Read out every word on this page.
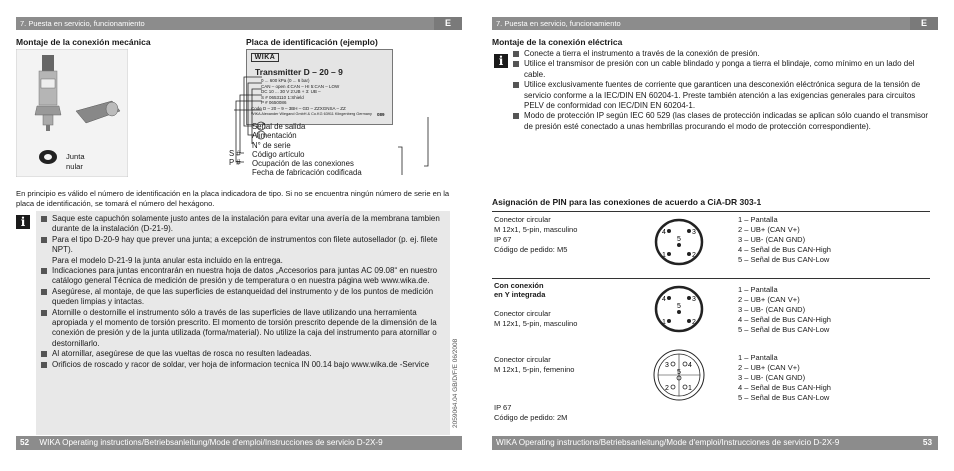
7. Puesta en servicio, funcionamiento	E
Montaje de la conexión mecánica	Placa de identificación (ejemplo)
Junta
nular
WIKA
Transmitter D – 20 – 9
0 ... 600 kPa (0 ... 6 bar)
CAN – open 4:CAN – HI 5:CAN – LOW
DC 10 ... 30 V 2:UB + 3: UB –
S # 0653110 1:Shield
P # 0650086
Code D – 20 – 9 – 3BH – GD – ZZXGNSA – ZZ
WIKA Alexander Wiegand GmbH & Co.KG 63911 Klingenberg Germany 089
Señal de salida
Alimentación
N° de serie
S # Código artículo
P # Ocupación de las conexiones
Fecha de fabricación codificada
En principio es válido el número de identificación en la placa indicadora de tipo. Si no se encuentra ningún número de serie en la placa de identificación, se tomará el número del hexágono.
i	Saque este capuchón solamente justo antes de la instalación para evitar una avería de la membrana tambien durante de la instalación (D-21-9).
Para el tipo D-20-9 hay que prever una junta; a excepción de instrumentos con filete autosellador (p. ej. filete NPT).
Para el modelo D-21-9 la junta anular esta incluido en la entrega.
Indicaciones para juntas encontrarán en nuestra hoja de datos „Accesorios para juntas AC 09.08“ en nuestro catálogo general Técnica de medición de presión y de temperatura o en nuestra página web www.wika.de.
Asegúrese, al montaje, de que las superficies de estanqueidad del instrumento y de los puntos de medición queden limpias y intactas.
Atornille o destornille el instrumento sólo a través de las superficies de llave utilizando una herramienta apropiada y el momento de torsión prescrito. El momento de torsión prescrito depende de la dimensión de la conexión de presión y de la junta utilizada (forma/material). No utilize la caja del instrumento para atornillar o destornillarlo.
Al atornillar, asegúrese de que las vueltas de rosca no resulten ladeadas.
Orificios de roscado y racor de soldar, ver hoja de informacion tecnica IN 00.14 bajo www.wika.de -Service	2059064.04 GB/D/F/E 06/2008
52 WIKA Operating instructions/Betriebsanleitung/Mode d'emploi/Instrucciones de servicio D-2X-9
7. Puesta en servicio, funcionamiento	E
Montaje de la conexión eléctrica
i
Conecte a tierra el instrumento a través de la conexión de presión.
Utilice el transmisor de presión con un cable blindado y ponga a tierra el blindaje, como mínimo en un lado del cable.
Utilice exclusivamente fuentes de corriente que garanticen una desconexión eléctrónica segura de la tensión de servicio conforme a la IEC/DIN EN 60204-1. Preste también atención a las exigencias generales para circuitos PELV de conformidad con IEC/DIN EN 60204-1.
Modo de protección IP según IEC 60 529 (las clases de protección indicadas se aplican sólo cuando el transmisor de presión esté conectado a unas hembrillas procurando el modo de protección correspondiente).
Asignación de PIN para las conexiones de acuerdo a CiA-DR 303-1
Conector circular
M 12x1, 5-pin, masculino
IP 67
Código de pedido: M5
4	3
5
1	2
1 – Pantalla
2 – UB+ (CAN V+)
3 – UB- (CAN GND)
4 – Señal de Bus CAN-High
5 – Señal de Bus CAN-Low
Con conexión
en Y integrada
Conector circular
M 12x1, 5-pin, masculino
4	3
5
1	2
1 – Pantalla
2 – UB+ (CAN V+)
3 – UB- (CAN GND)
4 – Señal de Bus CAN-High
5 – Señal de Bus CAN-Low
Conector circular
M 12x1, 5-pin, femenino
IP 67
Código de pedido: 2M
3	4
5
2	1
1 – Pantalla
2 – UB+ (CAN V+)
3 – UB- (CAN GND)
4 – Señal de Bus CAN-High
5 – Señal de Bus CAN-Low
WIKA Operating instructions/Betriebsanleitung/Mode d'emploi/Instrucciones de servicio D-2X-9	53
